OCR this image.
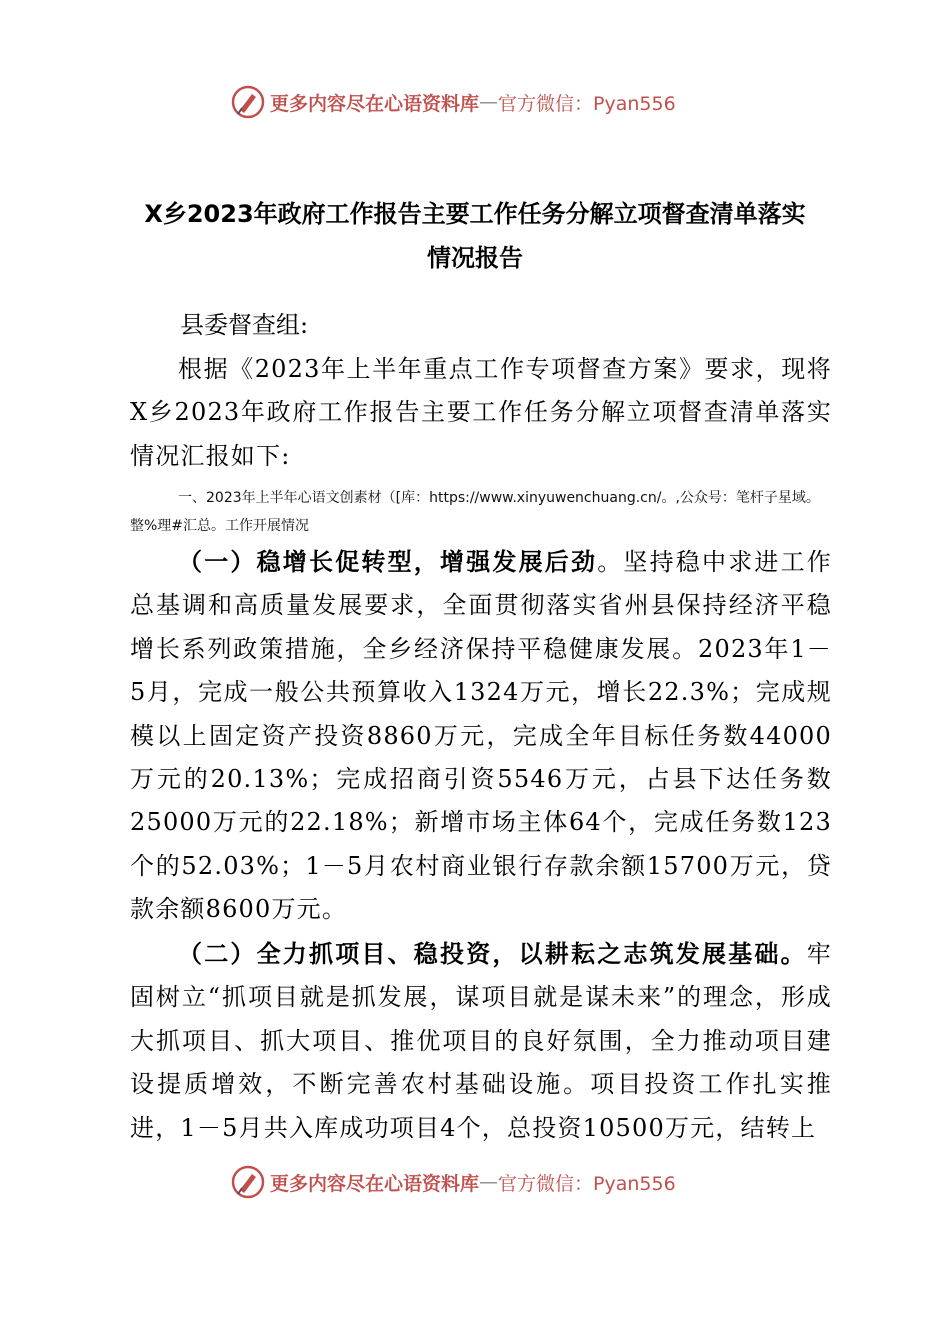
更多内容尽在心语资料库 — 官方微信：Pyan556
X乡2023年政府工作报告主要工作任务分解立项督查清单落实
情况报告
县委督查组:
根据《2023年上半年重点工作专项督查方案》要求，现将X乡2023年政府工作报告主要工作任务分解立项督查清单落实情况汇报如下:
一、2023年上半年心语文创素材（[库：https://www.xinyuwenchuang.cn/。,公众号：笔杆子星域。整%理#汇总。工作开展情况
（一）稳增长促转型，增强发展后劲。坚持稳中求进工作总基调和高质量发展要求，全面贯彻落实省州县保持经济平稳增长系列政策措施，全乡经济保持平稳健康发展。2023年1－5月，完成一般公共预算收入1324万元，增长22.3%；完成规模以上固定资产投资8860万元，完成全年目标任务数44000万元的20.13%；完成招商引资5546万元，占县下达任务数25000万元的22.18%；新增市场主体64个，完成任务数123个的52.03%；1－5月农村商业银行存款余额15700万元，贷款余额8600万元。
（二）全力抓项目、稳投资，以耕耘之志筑发展基础。牢固树立“抓项目就是抓发展，谋项目就是谋未来”的理念，形成大抓项目、抓大项目、推优项目的良好氛围，全力推动项目建设提质增效，不断完善农村基础设施。项目投资工作扎实推进，1－5月共入库成功项目4个，总投资10500万元，结转上
更多内容尽在心语资料库 — 官方微信：Pyan556
